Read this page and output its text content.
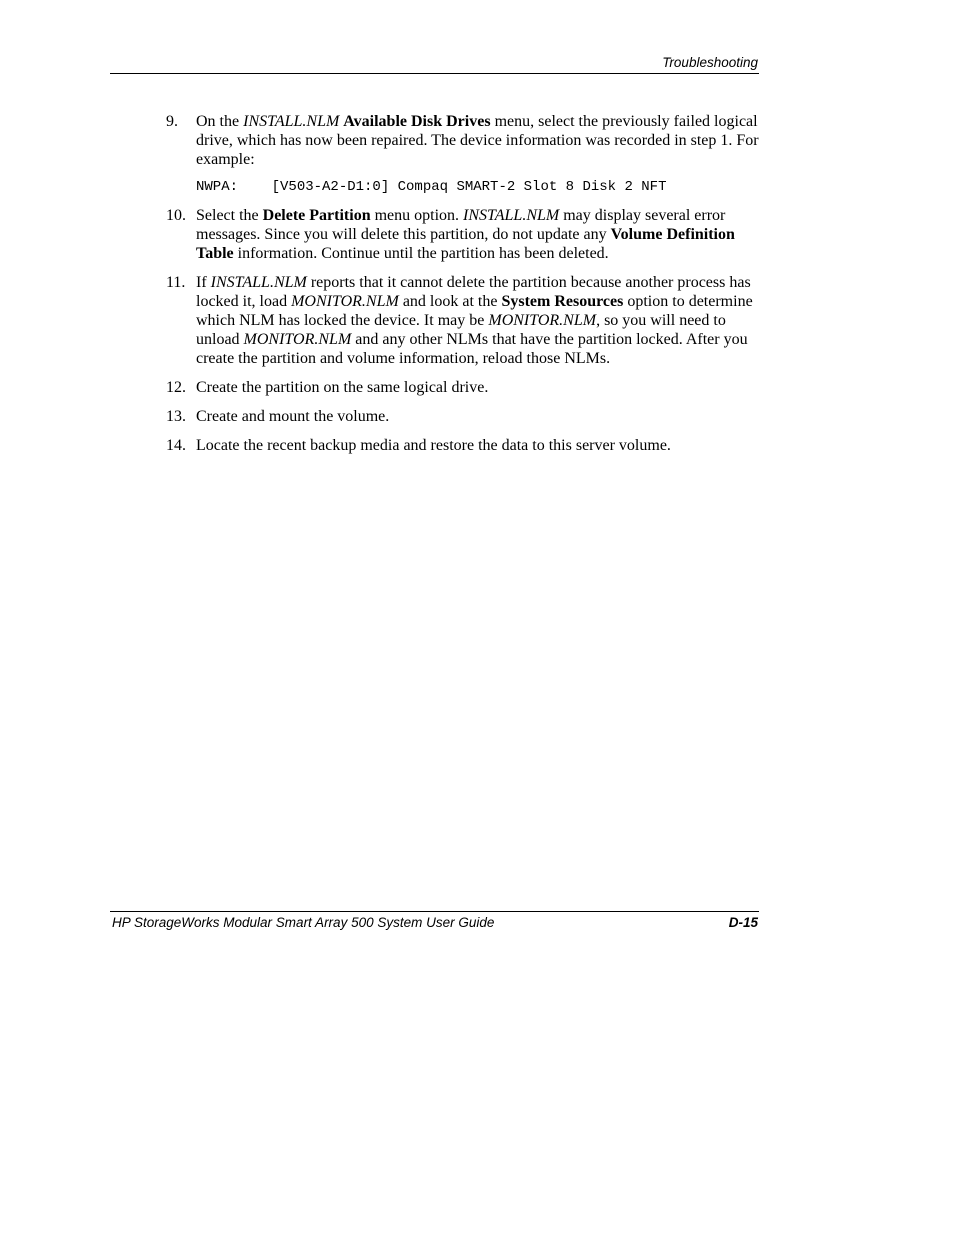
Troubleshooting
9.	On the INSTALL.NLM Available Disk Drives menu, select the previously failed logical drive, which has now been repaired. The device information was recorded in step 1. For example:
NWPA:    [V503-A2-D1:0] Compaq SMART-2 Slot 8 Disk 2 NFT
10. Select the Delete Partition menu option. INSTALL.NLM may display several error messages. Since you will delete this partition, do not update any Volume Definition Table information. Continue until the partition has been deleted.
11. If INSTALL.NLM reports that it cannot delete the partition because another process has locked it, load MONITOR.NLM and look at the System Resources option to determine which NLM has locked the device. It may be MONITOR.NLM, so you will need to unload MONITOR.NLM and any other NLMs that have the partition locked. After you create the partition and volume information, reload those NLMs.
12. Create the partition on the same logical drive.
13. Create and mount the volume.
14. Locate the recent backup media and restore the data to this server volume.
HP StorageWorks Modular Smart Array 500 System User Guide	D-15
